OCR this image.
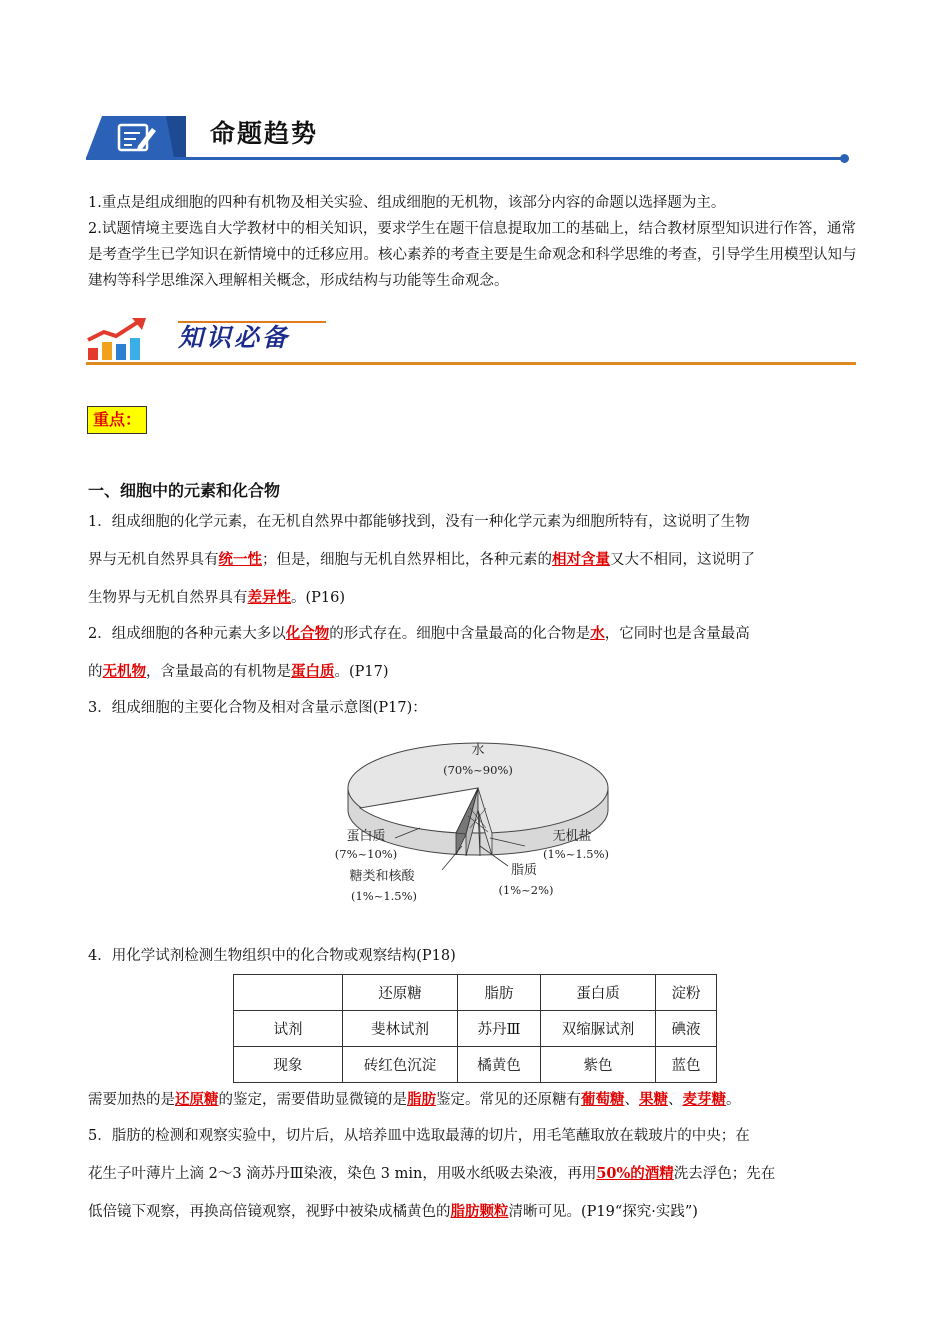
命题趋势
1.重点是组成细胞的四种有机物及相关实验、组成细胞的无机物，该部分内容的命题以选择题为主。
2.试题情境主要选自大学教材中的相关知识，要求学生在题干信息提取加工的基础上，结合教材原型知识进行作答，通常是考查学生已学知识在新情境中的迁移应用。核心素养的考查主要是生命观念和科学思维的考查，引导学生用模型认知与建构等科学思维深入理解相关概念，形成结构与功能等生命观念。
知识必备
重点：
一、细胞中的元素和化合物
1．组成细胞的化学元素，在无机自然界中都能够找到，没有一种化学元素为细胞所特有，这说明了生物
界与无机自然界具有统一性；但是，细胞与无机自然界相比，各种元素的相对含量又大不相同，这说明了
生物界与无机自然界具有差异性。(P16)
2．组成细胞的各种元素大多以化合物的形式存在。细胞中含量最高的化合物是水，它同时也是含量最高
的无机物，含量最高的有机物是蛋白质。(P17)
3．组成细胞的主要化合物及相对含量示意图(P17)：
水
(70%~90%)
蛋白质
(7%~10%)
无机盐
(1%~1.5%)
脂质
(1%~2%)
糖类和核酸
(1%~1.5%)
4．用化学试剂检测生物组织中的化合物或观察结构(P18)
	还原糖	脂肪	蛋白质	淀粉
试剂	斐林试剂	苏丹Ⅲ	双缩脲试剂	碘液
现象	砖红色沉淀	橘黄色	紫色	蓝色
需要加热的是还原糖的鉴定，需要借助显微镜的是脂肪鉴定。常见的还原糖有葡萄糖、果糖、麦芽糖。
5．脂肪的检测和观察实验中，切片后，从培养皿中选取最薄的切片，用毛笔蘸取放在载玻片的中央；在
花生子叶薄片上滴 2～3 滴苏丹Ⅲ染液，染色 3 min，用吸水纸吸去染液，再用50%的酒精洗去浮色；先在
低倍镜下观察，再换高倍镜观察，视野中被染成橘黄色的脂肪颗粒清晰可见。(P19“探究·实践”)
